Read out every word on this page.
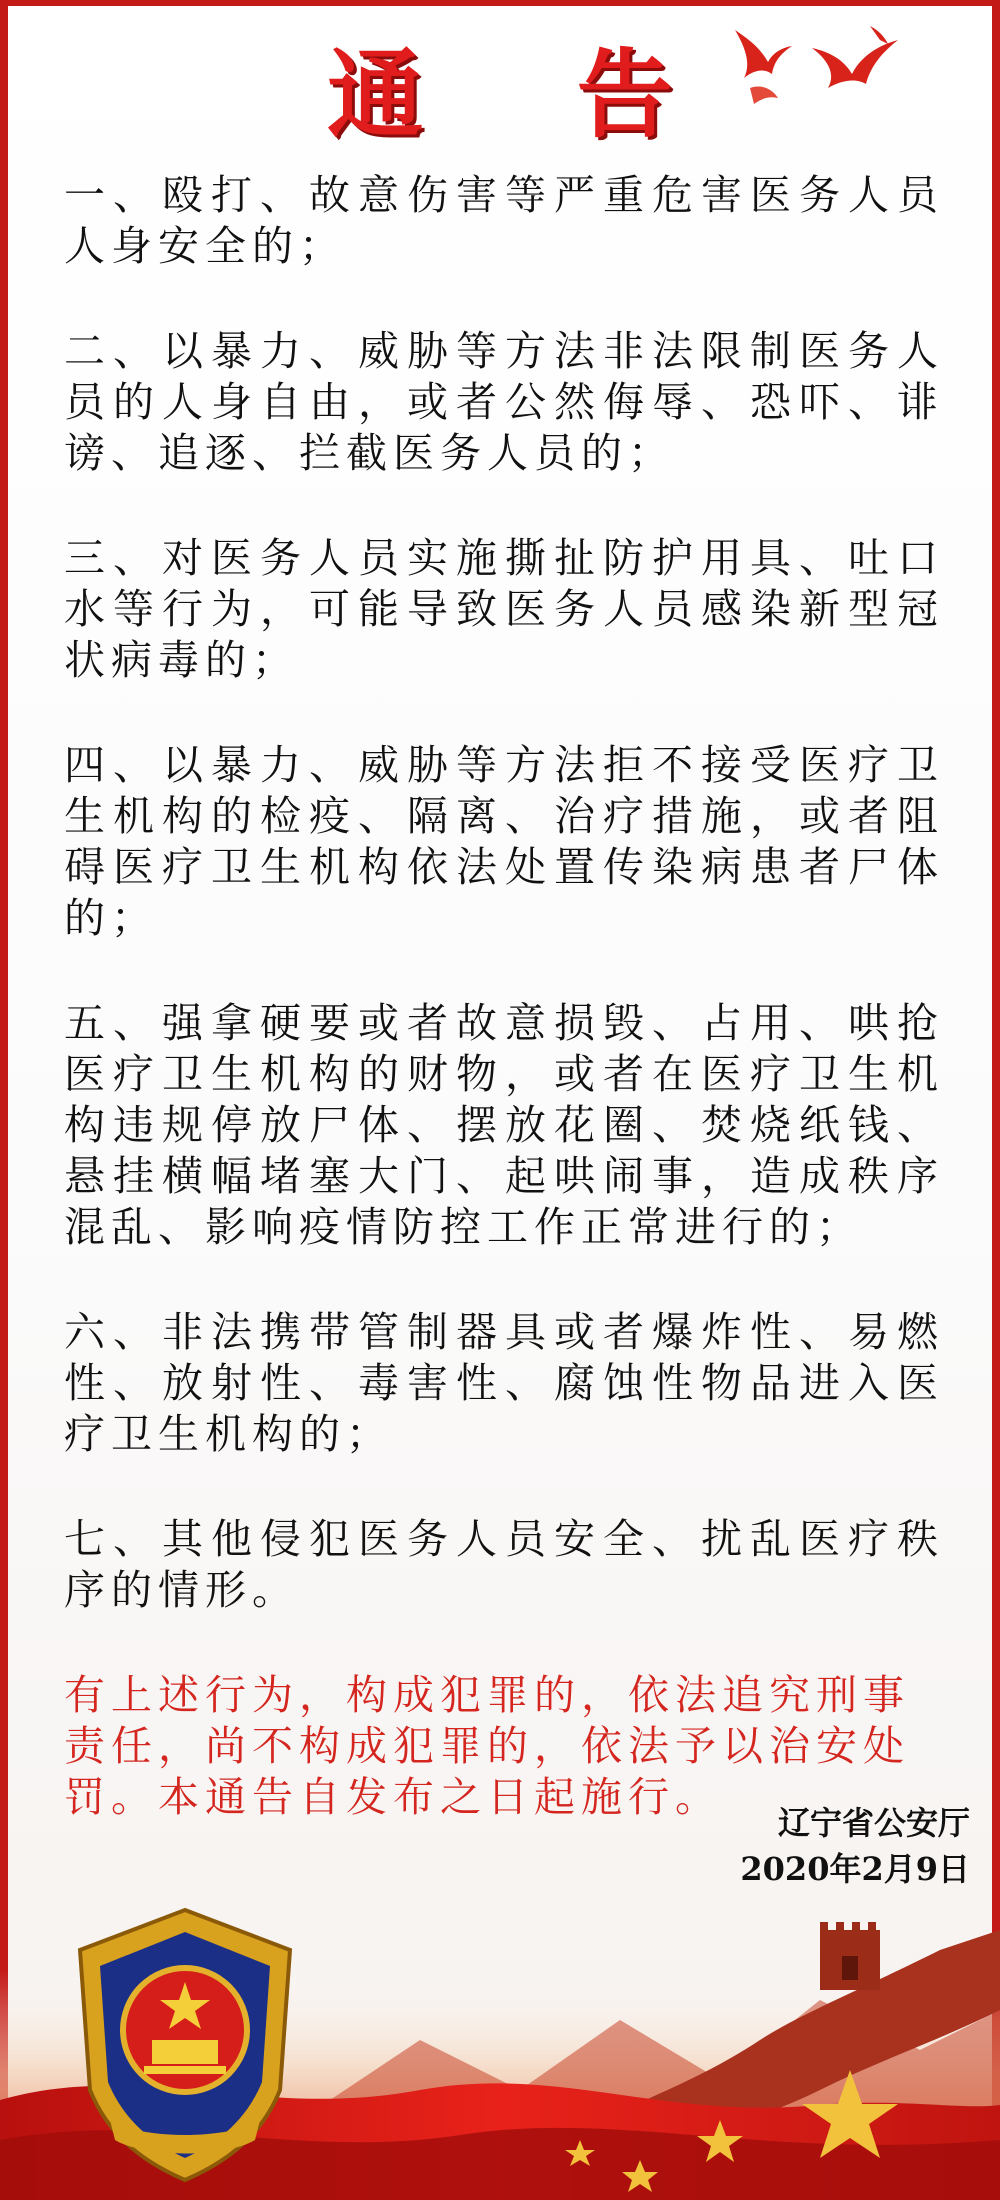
通 告

一、殴打、故意伤害等严重危害医务人员人身安全的；

二、以暴力、威胁等方法非法限制医务人员的人身自由，或者公然侮辱、恐吓、诽谤、追逐、拦截医务人员的；

三、对医务人员实施撕扯防护用具、吐口水等行为，可能导致医务人员感染新型冠状病毒的；

四、以暴力、威胁等方法拒不接受医疗卫生机构的检疫、隔离、治疗措施，或者阻碍医疗卫生机构依法处置传染病患者尸体的；

五、强拿硬要或者故意损毁、占用、哄抢医疗卫生机构的财物，或者在医疗卫生机构违规停放尸体、摆放花圈、焚烧纸钱、悬挂横幅堵塞大门、起哄闹事，造成秩序混乱、影响疫情防控工作正常进行的；

六、非法携带管制器具或者爆炸性、易燃性、放射性、毒害性、腐蚀性物品进入医疗卫生机构的；

七、其他侵犯医务人员安全、扰乱医疗秩序的情形。

有上述行为，构成犯罪的，依法追究刑事责任，尚不构成犯罪的，依法予以治安处罚。本通告自发布之日起施行。

辽宁省公安厅
2020年2月9日
